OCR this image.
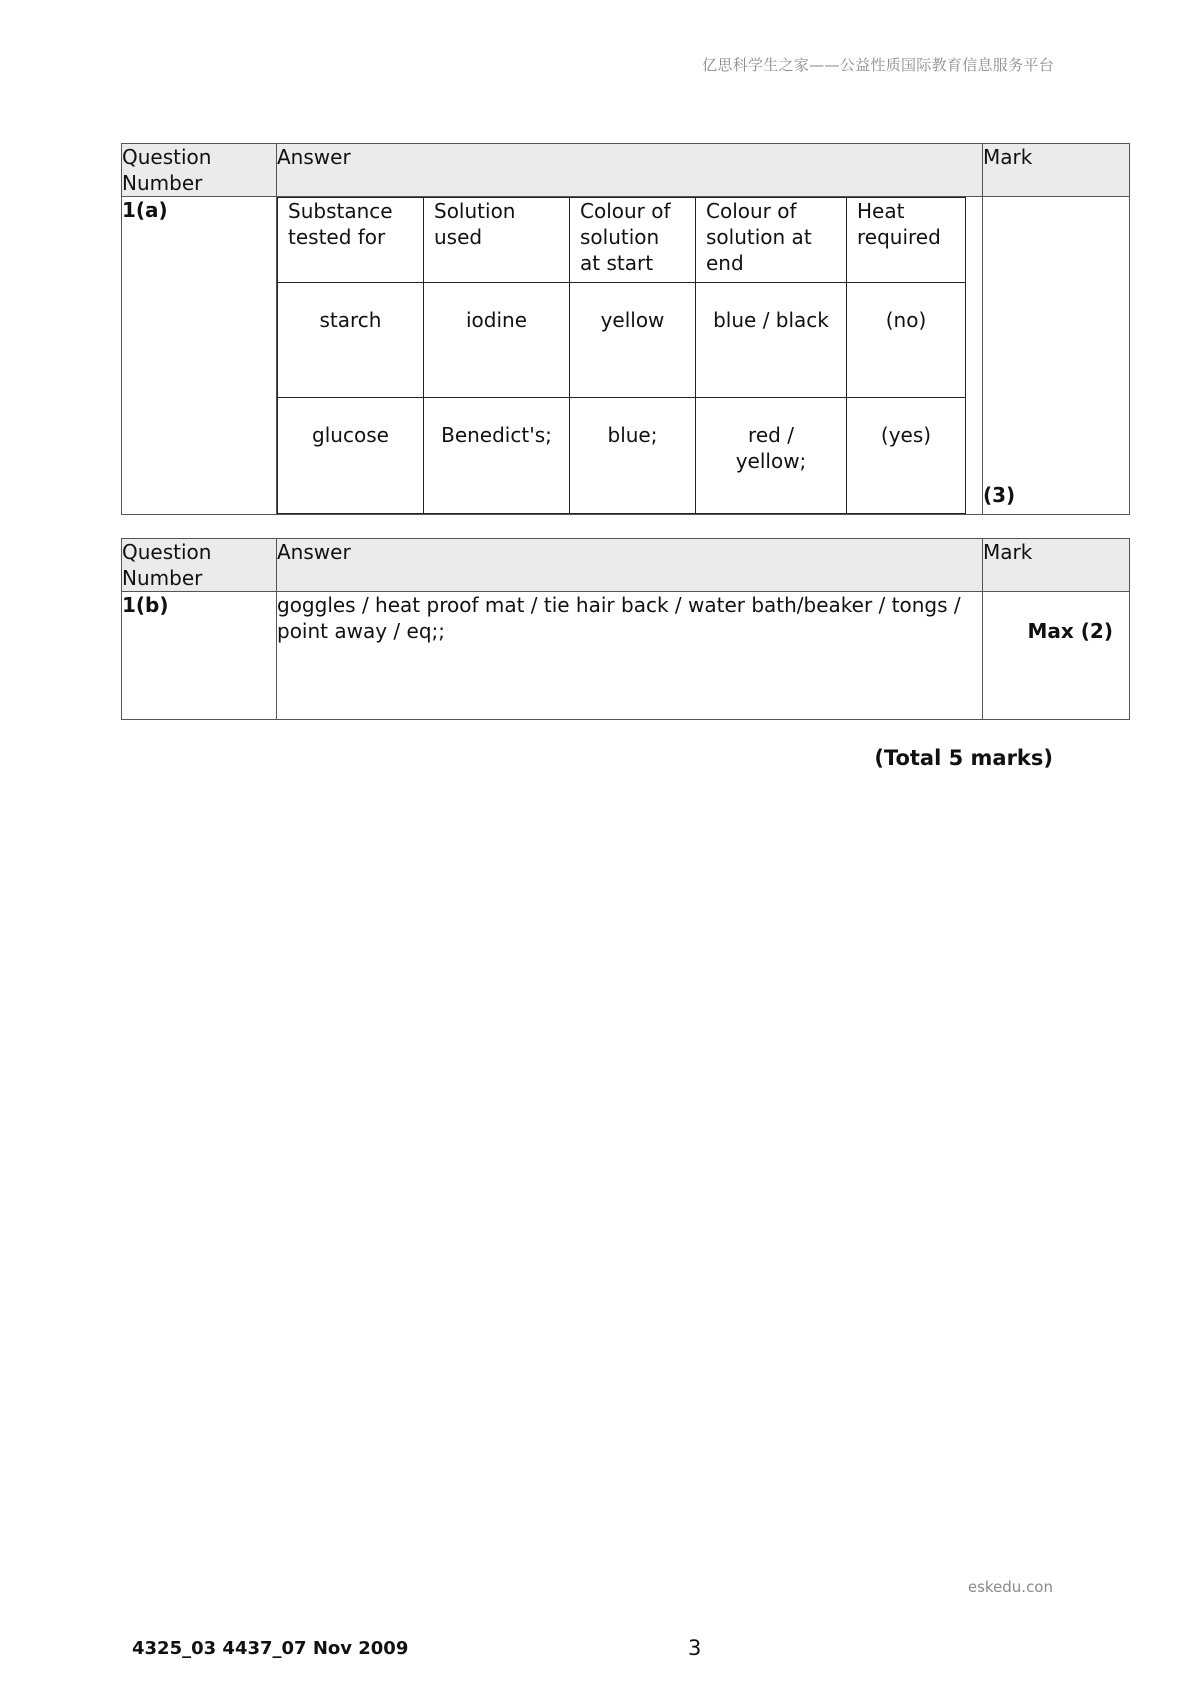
亿思科学生之家——公益性质国际教育信息服务平台
Question Number	Answer	Mark
1(a)		Substance tested for	Solution used	Colour of solution at start	Colour of solution at end	Heat required
starch	iodine	yellow	blue / black	(no)
glucose	Benedict's;	blue;	red / yellow;	(yes)
	(3)
Question Number	Answer	Mark
1(b)	goggles / heat proof mat / tie hair back / water bath/beaker / tongs / point away / eq;;	Max (2)
(Total 5 marks)
eskedu.con
4325_03 4437_07 Nov 2009	3
